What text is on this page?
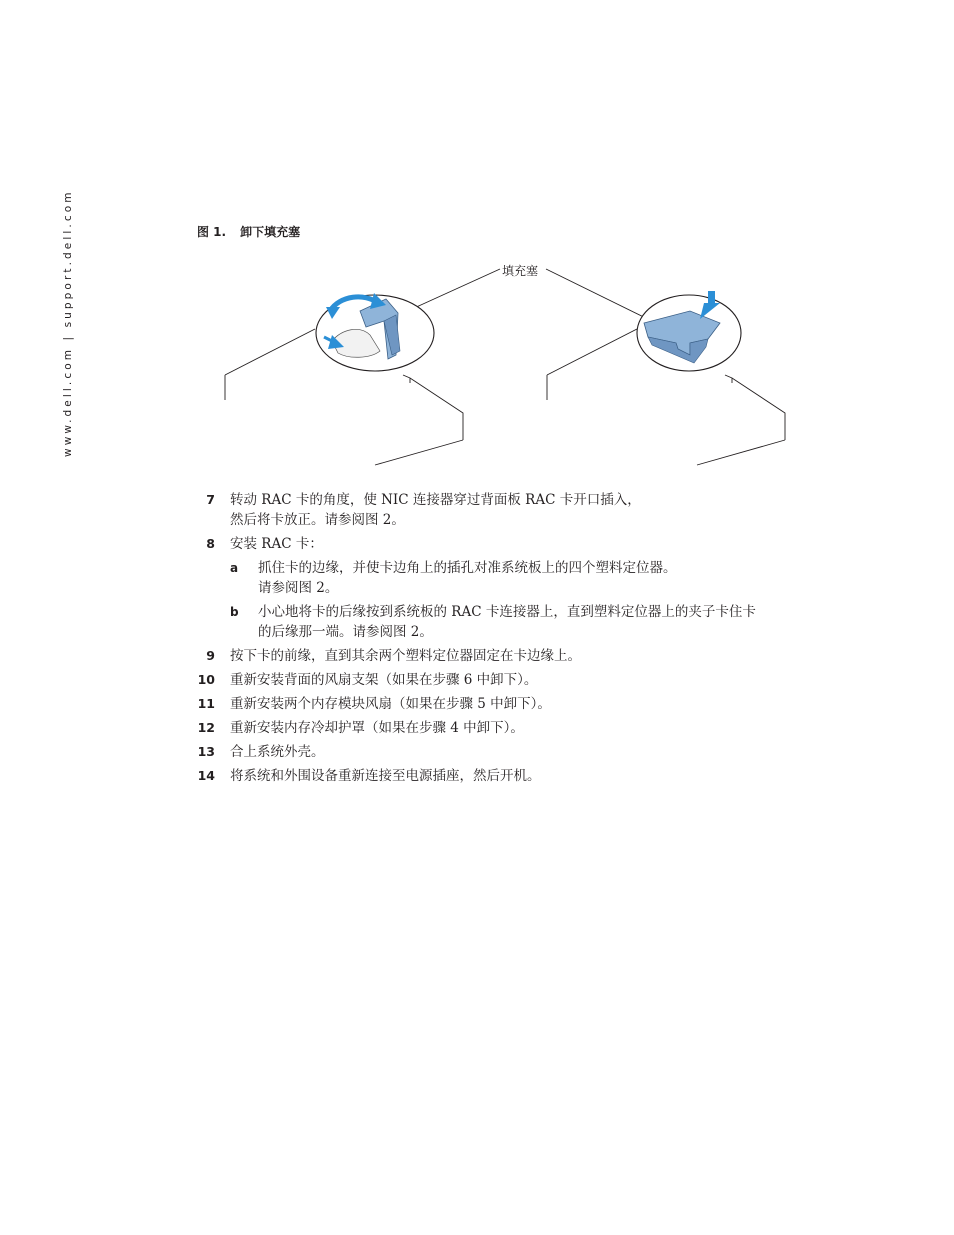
www.dell.com | support.dell.com	图 1. 卸下填充塞
填充塞
7 转动 RAC 卡的角度，使 NIC 连接器穿过背面板 RAC 卡开口插入，
然后将卡放正。请参阅图 2。
8 安装 RAC 卡：
a 抓住卡的边缘，并使卡边角上的插孔对准系统板上的四个塑料定位器。
请参阅图 2。
b 小心地将卡的后缘按到系统板的 RAC 卡连接器上，直到塑料定位器上的夹子卡住卡
的后缘那一端。请参阅图 2。
9 按下卡的前缘，直到其余两个塑料定位器固定在卡边缘上。
10 重新安装背面的风扇支架（如果在步骤 6 中卸下）。
11 重新安装两个内存模块风扇（如果在步骤 5 中卸下）。
12 重新安装内存冷却护罩（如果在步骤 4 中卸下）。
13 合上系统外壳。
14 将系统和外围设备重新连接至电源插座，然后开机。
